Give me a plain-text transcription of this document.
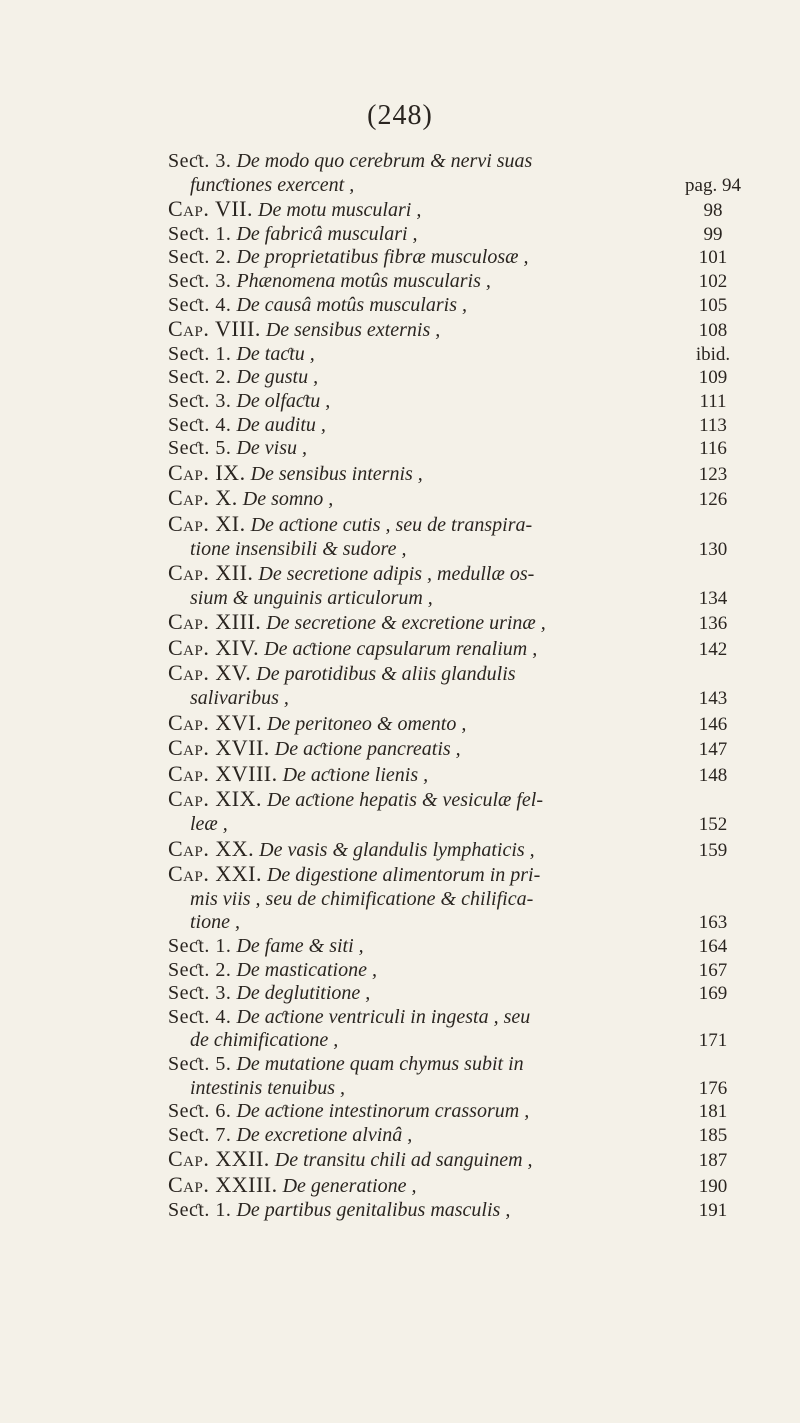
(248)
Seƈt. 3. De modo quo cerebrum & nervi suas
funƈtiones exercent ,	pag. 94
Cap. VII. De motu musculari ,	98
Seƈt. 1. De fabricâ musculari ,	99
Seƈt. 2. De proprietatibus fibræ musculosæ ,	101
Seƈt. 3. Phænomena motûs muscularis ,	102
Seƈt. 4. De causâ motûs muscularis ,	105
Cap. VIII. De sensibus externis ,	108
Seƈt. 1. De taƈtu ,	ibid.
Seƈt. 2. De gustu ,	109
Seƈt. 3. De olfaƈtu ,	111
Seƈt. 4. De auditu ,	113
Seƈt. 5. De visu ,	116
Cap. IX. De sensibus internis ,	123
Cap. X. De somno ,	126
Cap. XI. De aƈtione cutis , seu de transpira-
tione insensibili & sudore ,	130
Cap. XII. De secretione adipis , medullæ os-
sium & unguinis articulorum ,	134
Cap. XIII. De secretione & excretione urinæ ,	136
Cap. XIV. De aƈtione capsularum renalium ,	142
Cap. XV. De parotidibus & aliis glandulis
salivaribus ,	143
Cap. XVI. De peritoneo & omento ,	146
Cap. XVII. De aƈtione pancreatis ,	147
Cap. XVIII. De aƈtione lienis ,	148
Cap. XIX. De aƈtione hepatis & vesiculæ fel-
leæ ,	152
Cap. XX. De vasis & glandulis lymphaticis ,	159
Cap. XXI. De digestione alimentorum in pri-
mis viis , seu de chimificatione & chilifica-
tione ,	163
Seƈt. 1. De fame & siti ,	164
Seƈt. 2. De masticatione ,	167
Seƈt. 3. De deglutitione ,	169
Seƈt. 4. De aƈtione ventriculi in ingesta , seu
de chimificatione ,	171
Seƈt. 5. De mutatione quam chymus subit in
intestinis tenuibus ,	176
Seƈt. 6. De aƈtione intestinorum crassorum ,	181
Seƈt. 7. De excretione alvinâ ,	185
Cap. XXII. De transitu chili ad sanguinem ,	187
Cap. XXIII. De generatione ,	190
Seƈt. 1. De partibus genitalibus masculis ,	191
